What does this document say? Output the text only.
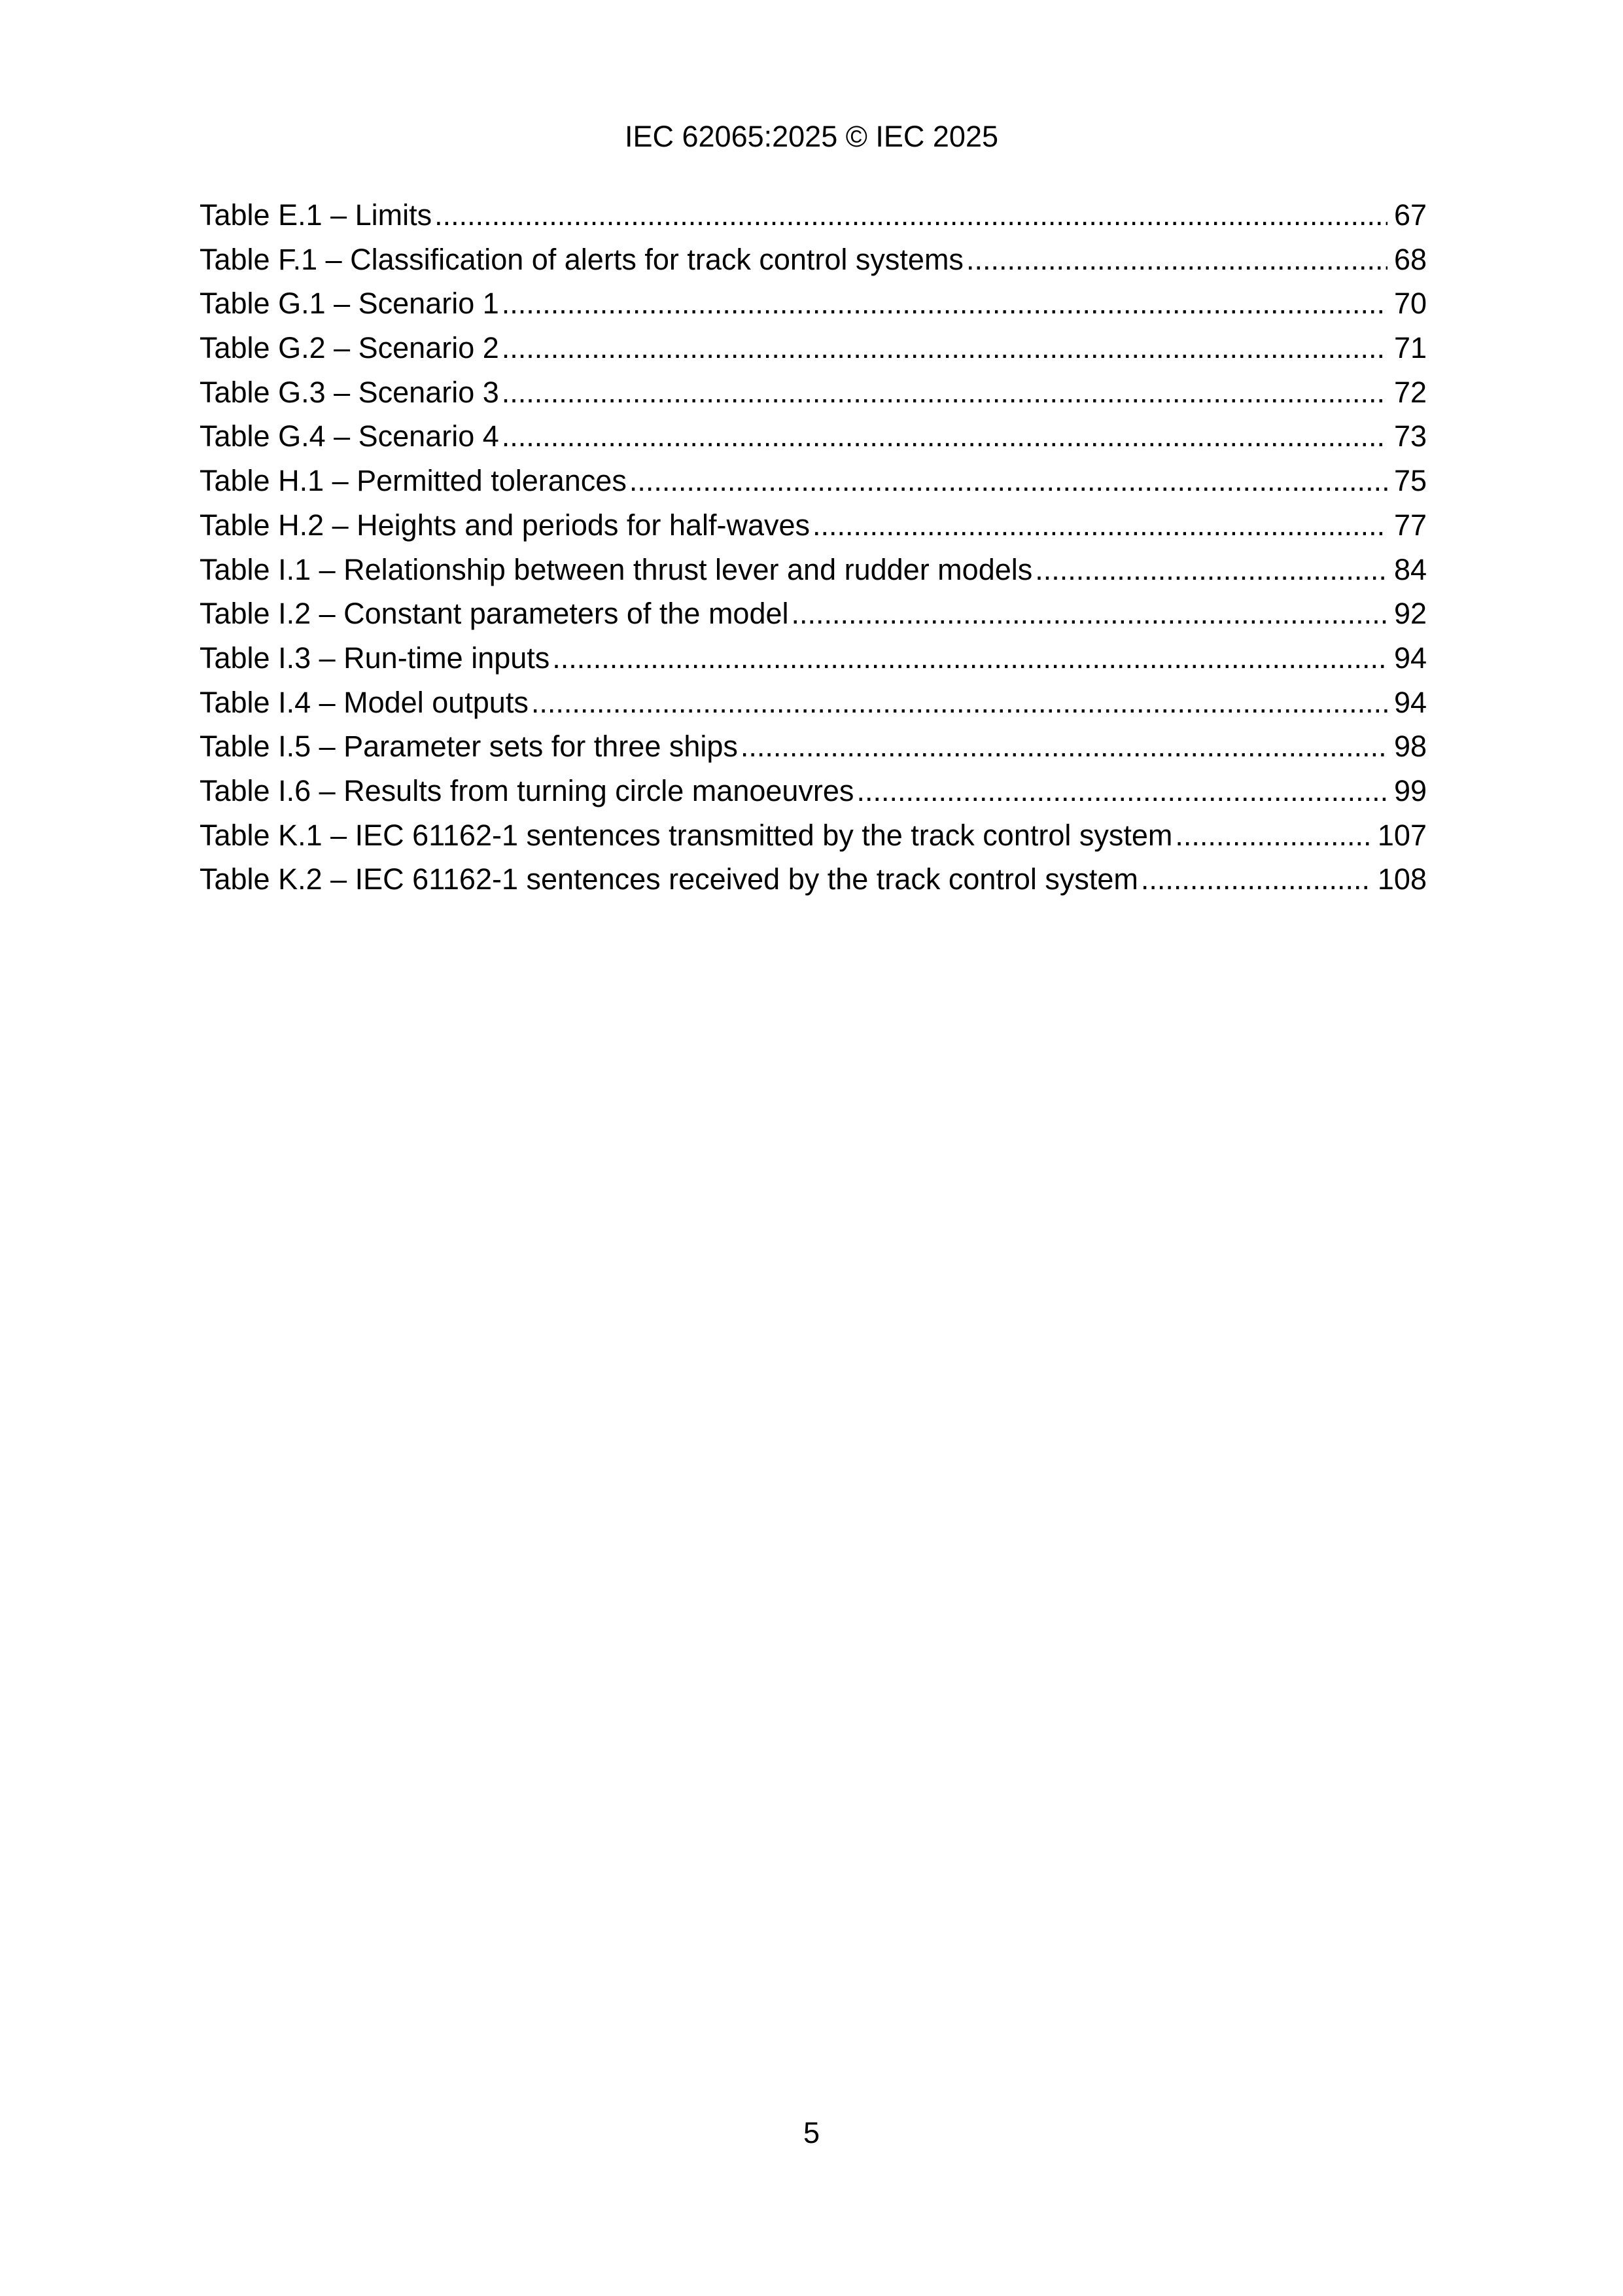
IEC 62065:2025 © IEC 2025
Table E.1 – Limits .....	67
Table F.1 – Classification of alerts for track control systems .....	68
Table G.1 – Scenario 1 .....	70
Table G.2 – Scenario 2 .....	71
Table G.3 – Scenario 3 .....	72
Table G.4 – Scenario 4 .....	73
Table H.1 – Permitted tolerances .....	75
Table H.2 – Heights and periods for half-waves .....	77
Table I.1 – Relationship between thrust lever and rudder models .....	84
Table I.2 – Constant parameters of the model .....	92
Table I.3 – Run-time inputs .....	94
Table I.4 – Model outputs .....	94
Table I.5 – Parameter sets for three ships .....	98
Table I.6 – Results from turning circle manoeuvres .....	99
Table K.1 – IEC 61162-1 sentences transmitted by the track control system .....	107
Table K.2 – IEC 61162-1 sentences received by the track control system .....	108
5
